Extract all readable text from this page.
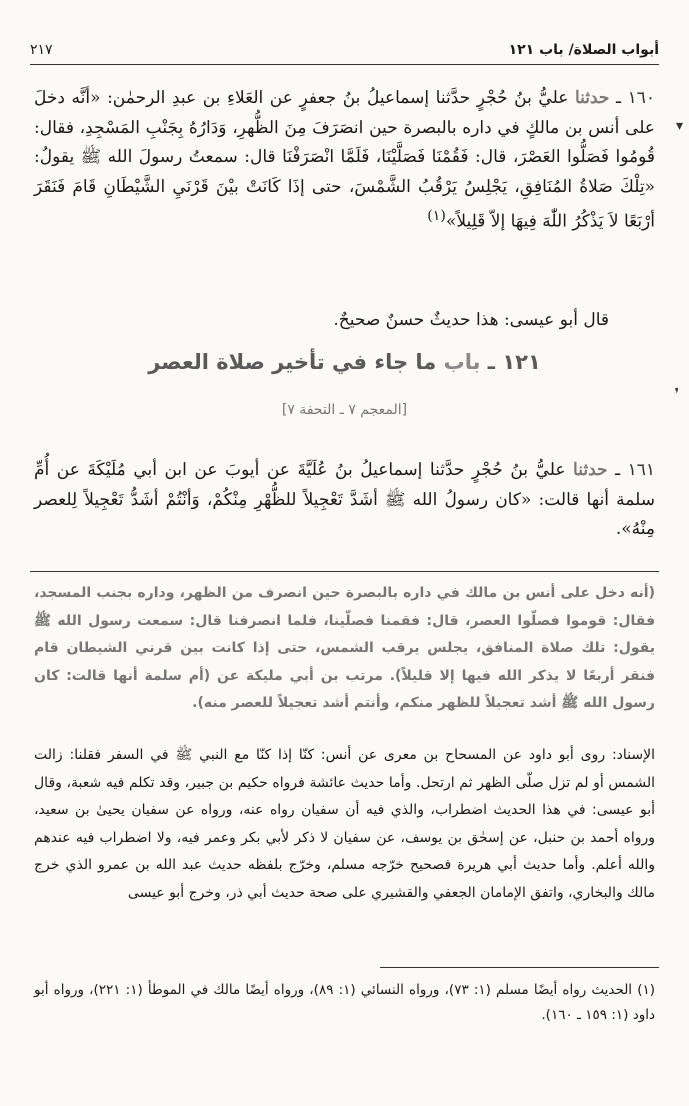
أبواب الصلاة/ باب ١٢١
٢١٧
١٦٠ ـ حدثنا عليُّ بنُ حُجْرٍ حدَّثنا إسماعيلُ بنُ جعفرٍ عن العَلاءِ بن عبدِ الرحمٰن: «أنَّه دخلَ على أنس بن مالكٍ في داره بالبصرة حين انصَرَفَ مِنَ الظُّهرِ، وَدَارُهُ بِجَنْبِ المَسْجِدِ، فقال: قُومُوا فَصَلُّوا العَصْرَ، قال: فَقُمْنَا فَصَلَّيْنَا، فَلَمَّا انْصَرَفْنَا قال: سمعتُ رسولَ الله ﷺ يقولُ: «تِلْكَ صَلاةُ المُنَافِقِ، يَجْلِسُ يَرْقُبُ الشَّمْسَ، حتى إذَا كَانَتْ بيْنَ قَرْنَيِ الشَّيْطَانِ قَامَ فَنَقَرَ أرْبَعًا لاَ يَذْكُرُ اللّٰهَ فِيهَا إلاّ قَلِيلاً»$^{(١)}$
قال أبو عيسى: هذا حديثٌ حسنٌ صحيحٌ.
١٢١ ـ باب ما جاء في تأخير صلاة العصر
[المعجم ٧ ـ التحفة ٧]
١٦١ ـ حدثنا عليُّ بنُ حُجْرٍ حدَّثنا إسماعيلُ بنُ عُلَيَّةَ عن أيوبَ عن ابن أبي مُلَيْكَةَ عن أُمِّ سلمة أنها قالت: «كان رسولُ الله ﷺ أشَدَّ تَعْجِيلاً للظُّهْرِ مِنْكُمْ، وَأنْتُمْ أشَدُّ تَعْجِيلاً لِلعصر مِنْهُ».
(أنه دخل على أنس بن مالك في داره بالبصرة حين انصرف من الظهر، وداره بجنب المسجد، فقال: قوموا فصلّوا العصر، قال: فقمنا فصلّينا، فلما انصرفنا قال: سمعت رسول الله ﷺ يقول: تلك صلاة المنافق، يجلس يرقب الشمس، حتى إذا كانت بين قرني الشيطان قام فنقر أربعًا لا يذكر الله فيها إلا قليلاً). مرتب بن أبي مليكة عن (أم سلمة أنها قالت: كان رسول الله ﷺ أشد تعجيلاً للظهر منكم، وأنتم أشد تعجيلاً للعصر منه).
الإسناد: روى أبو داود عن المسحاح بن معرى عن أنس: كنّا إذا كنّا مع النبي ﷺ في السفر فقلنا: زالت الشمس أو لم تزل صلّى الظهر ثم ارتحل. وأما حديث عائشة فرواه حكيم بن جبير، وقد تكلم فيه شعبة، وقال أبو عيسى: في هذا الحديث اضطراب، والذي فيه أن سفيان رواه عنه، ورواه عن سفيان يحيىٰ بن سعيد، ورواه أحمد بن حنبل، عن إسحٰق بن يوسف، عن سفيان لا ذكر لأبي بكر وعمر فيه، ولا اضطراب فيه عندهم والله أعلم. وأما حديث أبي هريرة فصحيح خرّجه مسلم، وخرّج بلفظه حديث عبد الله بن عمرو الذي خرج مالك والبخاري، واتفق الإمامان الجعفي والقشيري على صحة حديث أبي ذر، وخرج أبو عيسى
(١) الحديث رواه أيضًا مسلم (١: ٧٣)، ورواه النسائي (١: ٨٩)، ورواه أيضًا مالك في الموطأ (١: ٢٢١)، ورواه أبو داود (١: ١٥٩ ـ ١٦٠).
▾
❜
